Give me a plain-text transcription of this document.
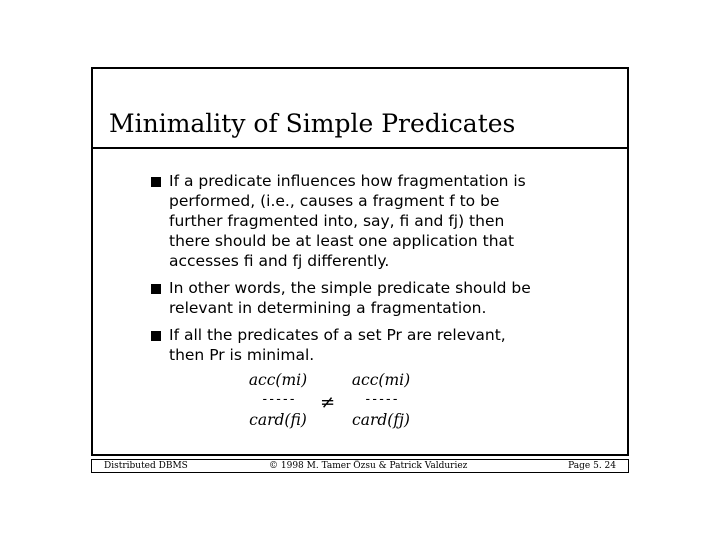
Minimality of Simple Predicates
If a predicate influences how fragmentation is
performed, (i.e., causes a fragment f to be
further fragmented into, say, fi and fj) then
there should be at least one application that
accesses fi and fj differently.
In other words, the simple predicate should be
relevant in determining a fragmentation.
If all the predicates of a set Pr are relevant,
then Pr is minimal.
acc(mi)
-----
card(fi)
≠
acc(mi)
-----
card(fj)
Distributed DBMS	© 1998 M. Tamer Özsu & Patrick Valduriez	Page 5. 24
